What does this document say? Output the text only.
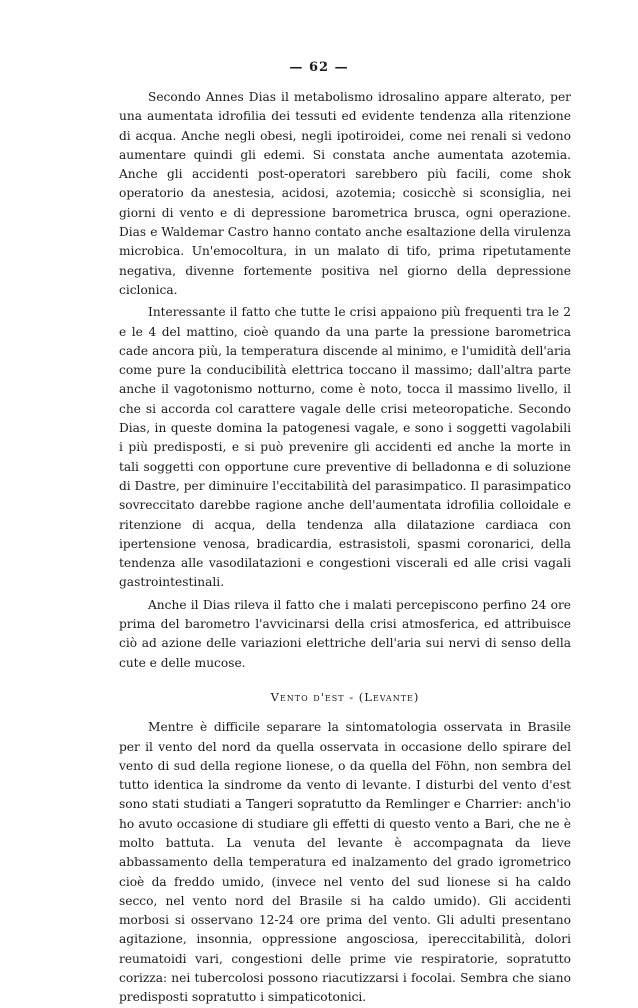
— 62 —

Secondo Annes Dias il metabolismo idrosalino appare alterato, per una aumentata idrofilia dei tessuti ed evidente tendenza alla ritenzione di acqua. Anche negli obesi, negli ipotiroidei, come nei renali si vedono aumentare quindi gli edemi. Si constata anche aumentata azotemia. Anche gli accidenti post-operatori sarebbero più facili, come shok operatorio da anestesia, acidosi, azotemia; cosicchè si sconsiglia, nei giorni di vento e di depressione barometrica brusca, ogni operazione. Dias e Waldemar Castro hanno contato anche esaltazione della virulenza microbica. Un'emocoltura, in un malato di tifo, prima ripetutamente negativa, divenne fortemente positiva nel giorno della depressione ciclonica.

Interessante il fatto che tutte le crisi appaiono più frequenti tra le 2 e le 4 del mattino, cioè quando da una parte la pressione barometrica cade ancora più, la temperatura discende al minimo, e l'umidità dell'aria come pure la conducibilità elettrica toccano il massimo; dall'altra parte anche il vagotonismo notturno, come è noto, tocca il massimo livello, il che si accorda col carattere vagale delle crisi meteoropatiche. Secondo Dias, in queste domina la patogenesi vagale, e sono i soggetti vagolabili i più predisposti, e si può prevenire gli accidenti ed anche la morte in tali soggetti con opportune cure preventive di belladonna e di soluzione di Dastre, per diminuire l'eccitabilità del parasimpatico. Il parasimpatico sovreccitato darebbe ragione anche dell'aumentata idrofilia colloidale e ritenzione di acqua, della tendenza alla dilatazione cardiaca con ipertensione venosa, bradicardia, estrasistoli, spasmi coronarici, della tendenza alle vasodilatazioni e congestioni viscerali ed alle crisi vagali gastrointestinali.

Anche il Dias rileva il fatto che i malati percepiscono perfino 24 ore prima del barometro l'avvicinarsi della crisi atmosferica, ed attribuisce ciò ad azione delle variazioni elettriche dell'aria sui nervi di senso della cute e delle mucose.

Vento d'est - (Levante)

Mentre è difficile separare la sintomatologia osservata in Brasile per il vento del nord da quella osservata in occasione dello spirare del vento di sud della regione lionese, o da quella del Föhn, non sembra del tutto identica la sindrome da vento di levante. I disturbi del vento d'est sono stati studiati a Tangeri sopratutto da Remlinger e Charrier: anch'io ho avuto occasione di studiare gli effetti di questo vento a Bari, che ne è molto battuta. La venuta del levante è accompagnata da lieve abbassamento della temperatura ed inalzamento del grado igrometrico cioè da freddo umido, (invece nel vento del sud lionese si ha caldo secco, nel vento nord del Brasile si ha caldo umido). Gli accidenti morbosi si osservano 12-24 ore prima del vento. Gli adulti presentano agitazione, insonnia, oppressione angosciosa, ipereccitabilità, dolori reumatoidi vari, congestioni delle prime vie respiratorie, sopratutto corizza: nei tubercolosi possono riacutizzarsi i focolai. Sembra che siano predisposti sopratutto i simpaticotonici.
